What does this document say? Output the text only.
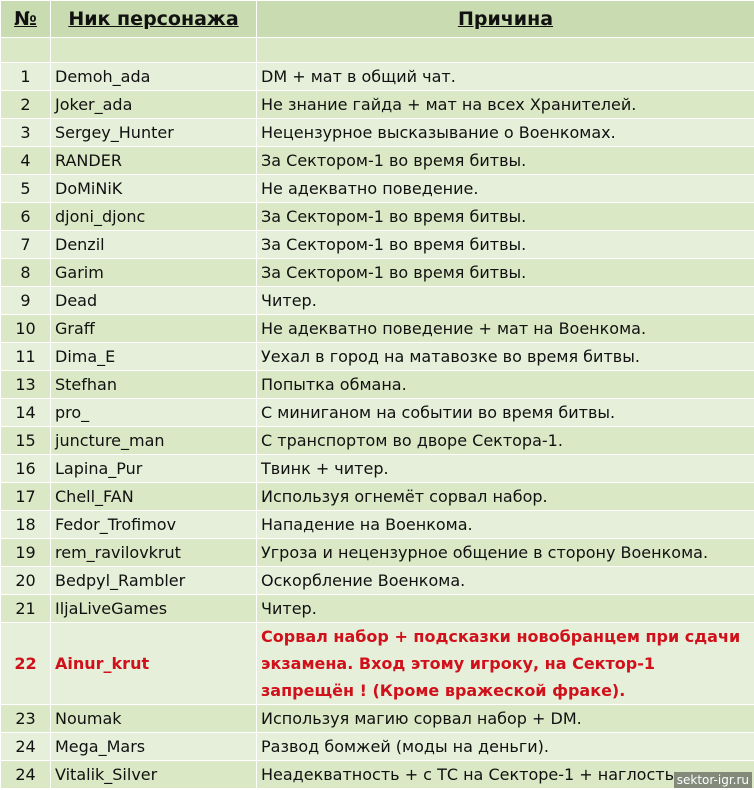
№	Ник персонажа	Причина

1	Demoh_ada	DM + мат в общий чат.
2	Joker_ada	Не знание гайда + мат на всех Хранителей.
3	Sergey_Hunter	Нецензурное высказывание о Военкомах.
4	RANDER	За Сектором-1 во время битвы.
5	DoMiNiK	Не адекватно поведение.
6	djoni_djonc	За Сектором-1 во время битвы.
7	Denzil	За Сектором-1 во время битвы.
8	Garim	За Сектором-1 во время битвы.
9	Dead	Читер.
10	Graff	Не адекватно поведение + мат на Военкома.
11	Dima_E	Уехал в город на матавозке во время битвы.
13	Stefhan	Попытка обмана.
14	pro_	С миниганом на событии во время битвы.
15	juncture_man	С транспортом во дворе Сектора-1.
16	Lapina_Pur	Твинк + читер.
17	Chell_FAN	Используя огнемёт сорвал набор.
18	Fedor_Trofimov	Нападение на Военкома.
19	rem_ravilovkrut	Угроза и нецензурное общение в сторону Военкома.
20	Bedpyl_Rambler	Оскорбление Военкома.
21	IljaLiveGames	Читер.
22	Ainur_krut	Сорвал набор + подсказки новобранцем при сдачи экзамена. Вход этому игроку, на Сектор-1 запрещён ! (Кроме вражеской фраке).
23	Noumak	Используя магию сорвал набор + DM.
24	Mega_Mars	Развод бомжей (моды на деньги).
24	Vitalik_Silver	Неадекватность + с ТС на Секторе-1 + наглость sektor-igr.ru
